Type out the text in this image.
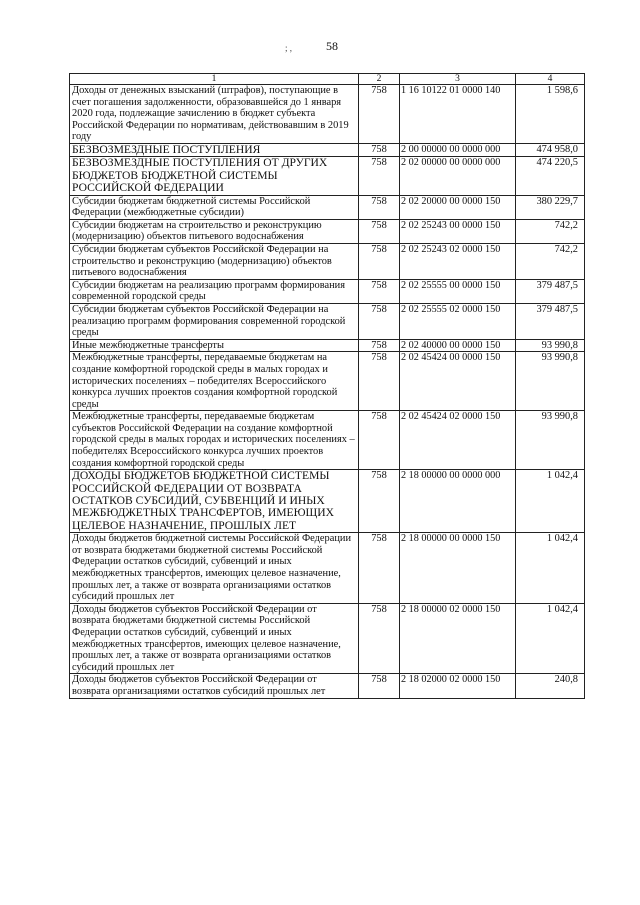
; ,	58
1	2	3	4
Доходы от денежных взысканий (штрафов), поступающие в счет погашения задолженности, образовавшейся до 1 января 2020 года, подлежащие зачислению в бюджет субъекта Российской Федерации по нормативам, действовавшим в 2019 году	758	1 16 10122 01 0000 140	1 598,6
БЕЗВОЗМЕЗДНЫЕ ПОСТУПЛЕНИЯ	758	2 00 00000 00 0000 000	474 958,0
БЕЗВОЗМЕЗДНЫЕ ПОСТУПЛЕНИЯ ОТ ДРУГИХ БЮДЖЕТОВ БЮДЖЕТНОЙ СИСТЕМЫ РОССИЙСКОЙ ФЕДЕРАЦИИ	758	2 02 00000 00 0000 000	474 220,5
Субсидии бюджетам бюджетной системы Российской Федерации (межбюджетные субсидии)	758	2 02 20000 00 0000 150	380 229,7
Субсидии бюджетам на строительство и реконструкцию (модернизацию) объектов питьевого водоснабжения	758	2 02 25243 00 0000 150	742,2
Субсидии бюджетам субъектов Российской Федерации на строительство и реконструкцию (модернизацию) объектов питьевого водоснабжения	758	2 02 25243 02 0000 150	742,2
Субсидии бюджетам на реализацию программ формирования современной городской среды	758	2 02 25555 00 0000 150	379 487,5
Субсидии бюджетам субъектов Российской Федерации на реализацию программ формирования современной городской среды	758	2 02 25555 02 0000 150	379 487,5
Иные межбюджетные трансферты	758	2 02 40000 00 0000 150	93 990,8
Межбюджетные трансферты, передаваемые бюджетам на создание комфортной городской среды в малых городах и исторических поселениях – победителях Всероссийского конкурса лучших проектов создания комфортной городской среды	758	2 02 45424 00 0000 150	93 990,8
Межбюджетные трансферты, передаваемые бюджетам субъектов Российской Федерации на создание комфортной городской среды в малых городах и исторических поселениях – победителях Всероссийского конкурса лучших проектов создания комфортной городской среды	758	2 02 45424 02 0000 150	93 990,8
ДОХОДЫ БЮДЖЕТОВ БЮДЖЕТНОЙ СИСТЕМЫ РОССИЙСКОЙ ФЕДЕРАЦИИ ОТ ВОЗВРАТА ОСТАТКОВ СУБСИДИЙ, СУБВЕНЦИЙ И ИНЫХ МЕЖБЮДЖЕТНЫХ ТРАНСФЕРТОВ, ИМЕЮЩИХ ЦЕЛЕВОЕ НАЗНАЧЕНИЕ, ПРОШЛЫХ ЛЕТ	758	2 18 00000 00 0000 000	1 042,4
Доходы бюджетов бюджетной системы Российской Федерации от возврата бюджетами бюджетной системы Российской Федерации остатков субсидий, субвенций и иных межбюджетных трансфертов, имеющих целевое назначение, прошлых лет, а также от возврата организациями остатков субсидий прошлых лет	758	2 18 00000 00 0000 150	1 042,4
Доходы бюджетов субъектов Российской Федерации от возврата бюджетами бюджетной системы Российской Федерации остатков субсидий, субвенций и иных межбюджетных трансфертов, имеющих целевое назначение, прошлых лет, а также от возврата организациями остатков субсидий прошлых лет	758	2 18 00000 02 0000 150	1 042,4
Доходы бюджетов субъектов Российской Федерации от возврата организациями остатков субсидий прошлых лет	758	2 18 02000 02 0000 150	240,8
